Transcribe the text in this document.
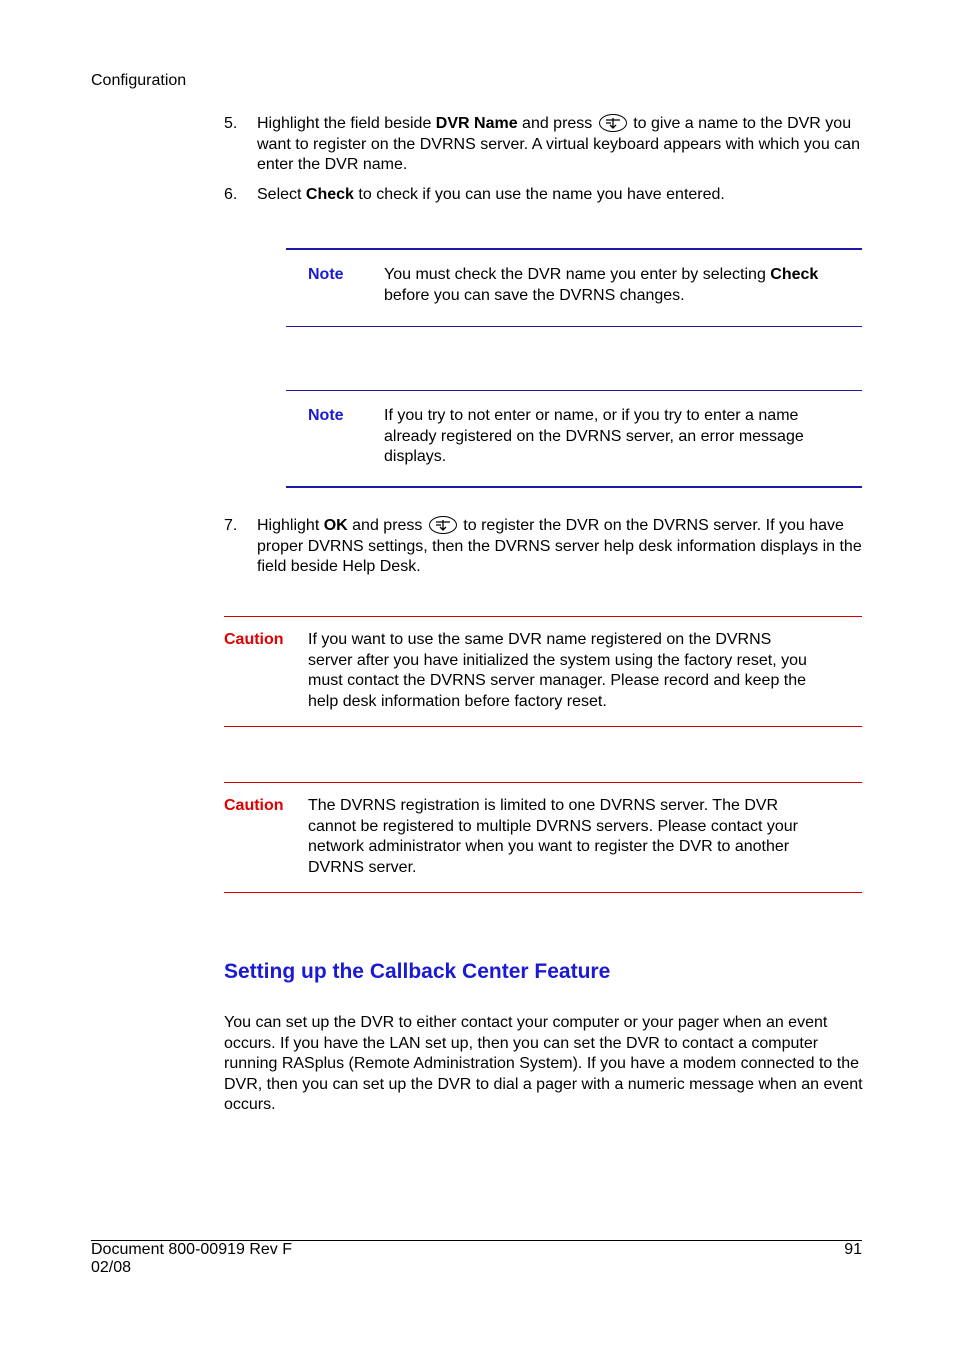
Configuration
5. Highlight the field beside DVR Name and press
to give a name to the DVR you want to register on the DVRNS server. A virtual keyboard appears with which you can enter the DVR name.

6. Select Check to check if you can use the name you have entered.

Note	You must check the DVR name you enter by selecting Check before you can save the DVRNS changes.

Note	If you try to not enter or name, or if you try to enter a name already registered on the DVRNS server, an error message displays.

7. Highlight OK and press
to register the DVR on the DVRNS server. If you have proper DVRNS settings, then the DVRNS server help desk information displays in the field beside Help Desk.

Caution If you want to use the same DVR name registered on the DVRNS server after you have initialized the system using the factory reset, you must contact the DVRNS server manager. Please record and keep the help desk information before factory reset.

Caution The DVRNS registration is limited to one DVRNS server. The DVR cannot be registered to multiple DVRNS servers. Please contact your network administrator when you want to register the DVR to another DVRNS server.

Setting up the Callback Center Feature

You can set up the DVR to either contact your computer or your pager when an event occurs. If you have the LAN set up, then you can set the DVR to contact a computer running RASplus (Remote Administration System). If you have a modem connected to the DVR, then you can set up the DVR to dial a pager with a numeric message when an event occurs.

Document 800-00919 Rev F
02/08
91
